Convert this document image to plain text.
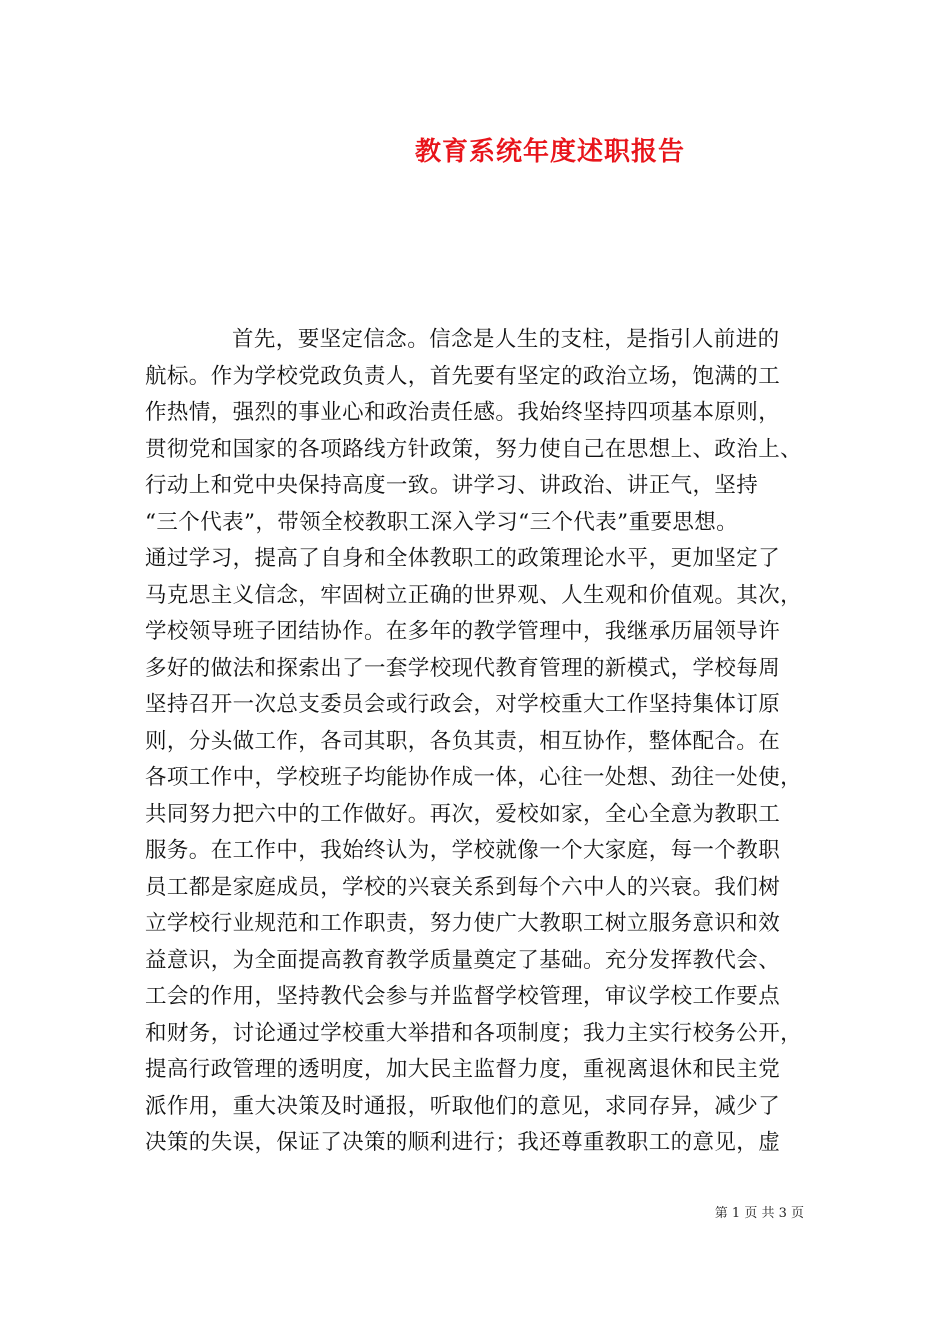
教育系统年度述职报告
首先，要坚定信念。信念是人生的支柱，是指引人前进的
航标。作为学校党政负责人，首先要有坚定的政治立场，饱满的工
作热情，强烈的事业心和政治责任感。我始终坚持四项基本原则，
贯彻党和国家的各项路线方针政策，努力使自己在思想上、政治上、
行动上和党中央保持高度一致。讲学习、讲政治、讲正气，坚持
“三个代表”，带领全校教职工深入学习“三个代表”重要思想。
通过学习，提高了自身和全体教职工的政策理论水平，更加坚定了
马克思主义信念，牢固树立正确的世界观、人生观和价值观。其次，
学校领导班子团结协作。在多年的教学管理中，我继承历届领导许
多好的做法和探索出了一套学校现代教育管理的新模式，学校每周
坚持召开一次总支委员会或行政会，对学校重大工作坚持集体订原
则，分头做工作，各司其职，各负其责，相互协作，整体配合。在
各项工作中，学校班子均能协作成一体，心往一处想、劲往一处使，
共同努力把六中的工作做好。再次，爱校如家，全心全意为教职工
服务。在工作中，我始终认为，学校就像一个大家庭，每一个教职
员工都是家庭成员，学校的兴衰关系到每个六中人的兴衰。我们树
立学校行业规范和工作职责，努力使广大教职工树立服务意识和效
益意识，为全面提高教育教学质量奠定了基础。充分发挥教代会、
工会的作用，坚持教代会参与并监督学校管理，审议学校工作要点
和财务，讨论通过学校重大举措和各项制度；我力主实行校务公开，
提高行政管理的透明度，加大民主监督力度，重视离退休和民主党
派作用，重大决策及时通报，听取他们的意见，求同存异，减少了
决策的失误，保证了决策的顺利进行；我还尊重教职工的意见，虚
第 1 页 共 3 页
